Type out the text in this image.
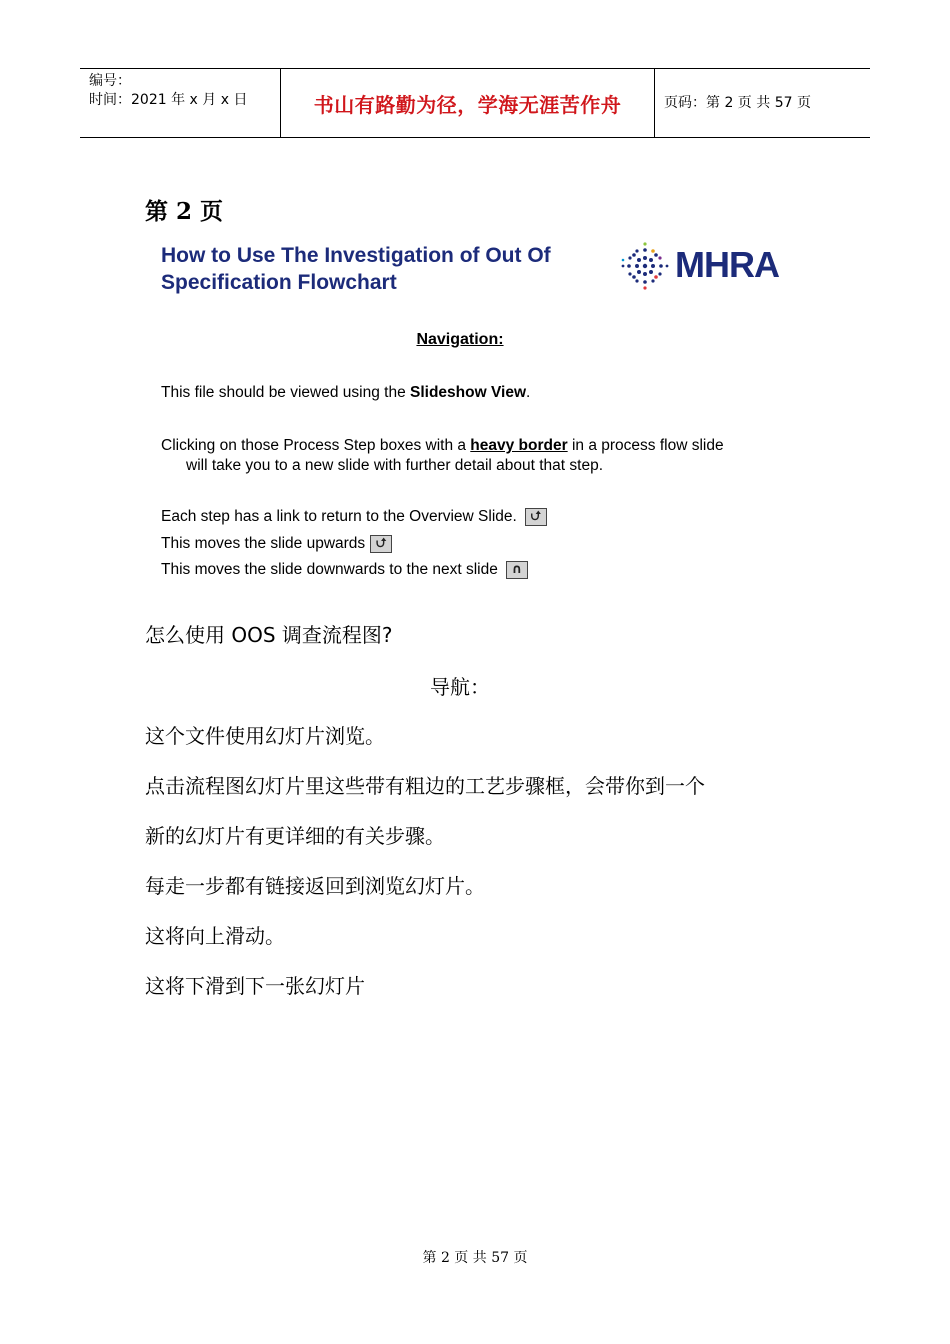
编号：
时间：2021 年 x 月 x 日	书山有路勤为径，学海无涯苦作舟	页码：第 2 页 共 57 页
第 2 页
How to Use The Investigation of Out Of Specification Flowchart	MHRA
Navigation:
This file should be viewed using the Slideshow View.
Clicking on those Process Step boxes with a heavy border in a process flow slide
will take you to a new slide with further detail about that step.
Each step has a link to return to the Overview Slide. ⮍
This moves the slide upwards ⮍
This moves the slide downwards to the next slide ∩
怎么使用 OOS 调查流程图?
导航：
这个文件使用幻灯片浏览。
点击流程图幻灯片里这些带有粗边的工艺步骤框，会带你到一个
新的幻灯片有更详细的有关步骤。
每走一步都有链接返回到浏览幻灯片。
这将向上滑动。
这将下滑到下一张幻灯片
第 2 页 共 57 页
